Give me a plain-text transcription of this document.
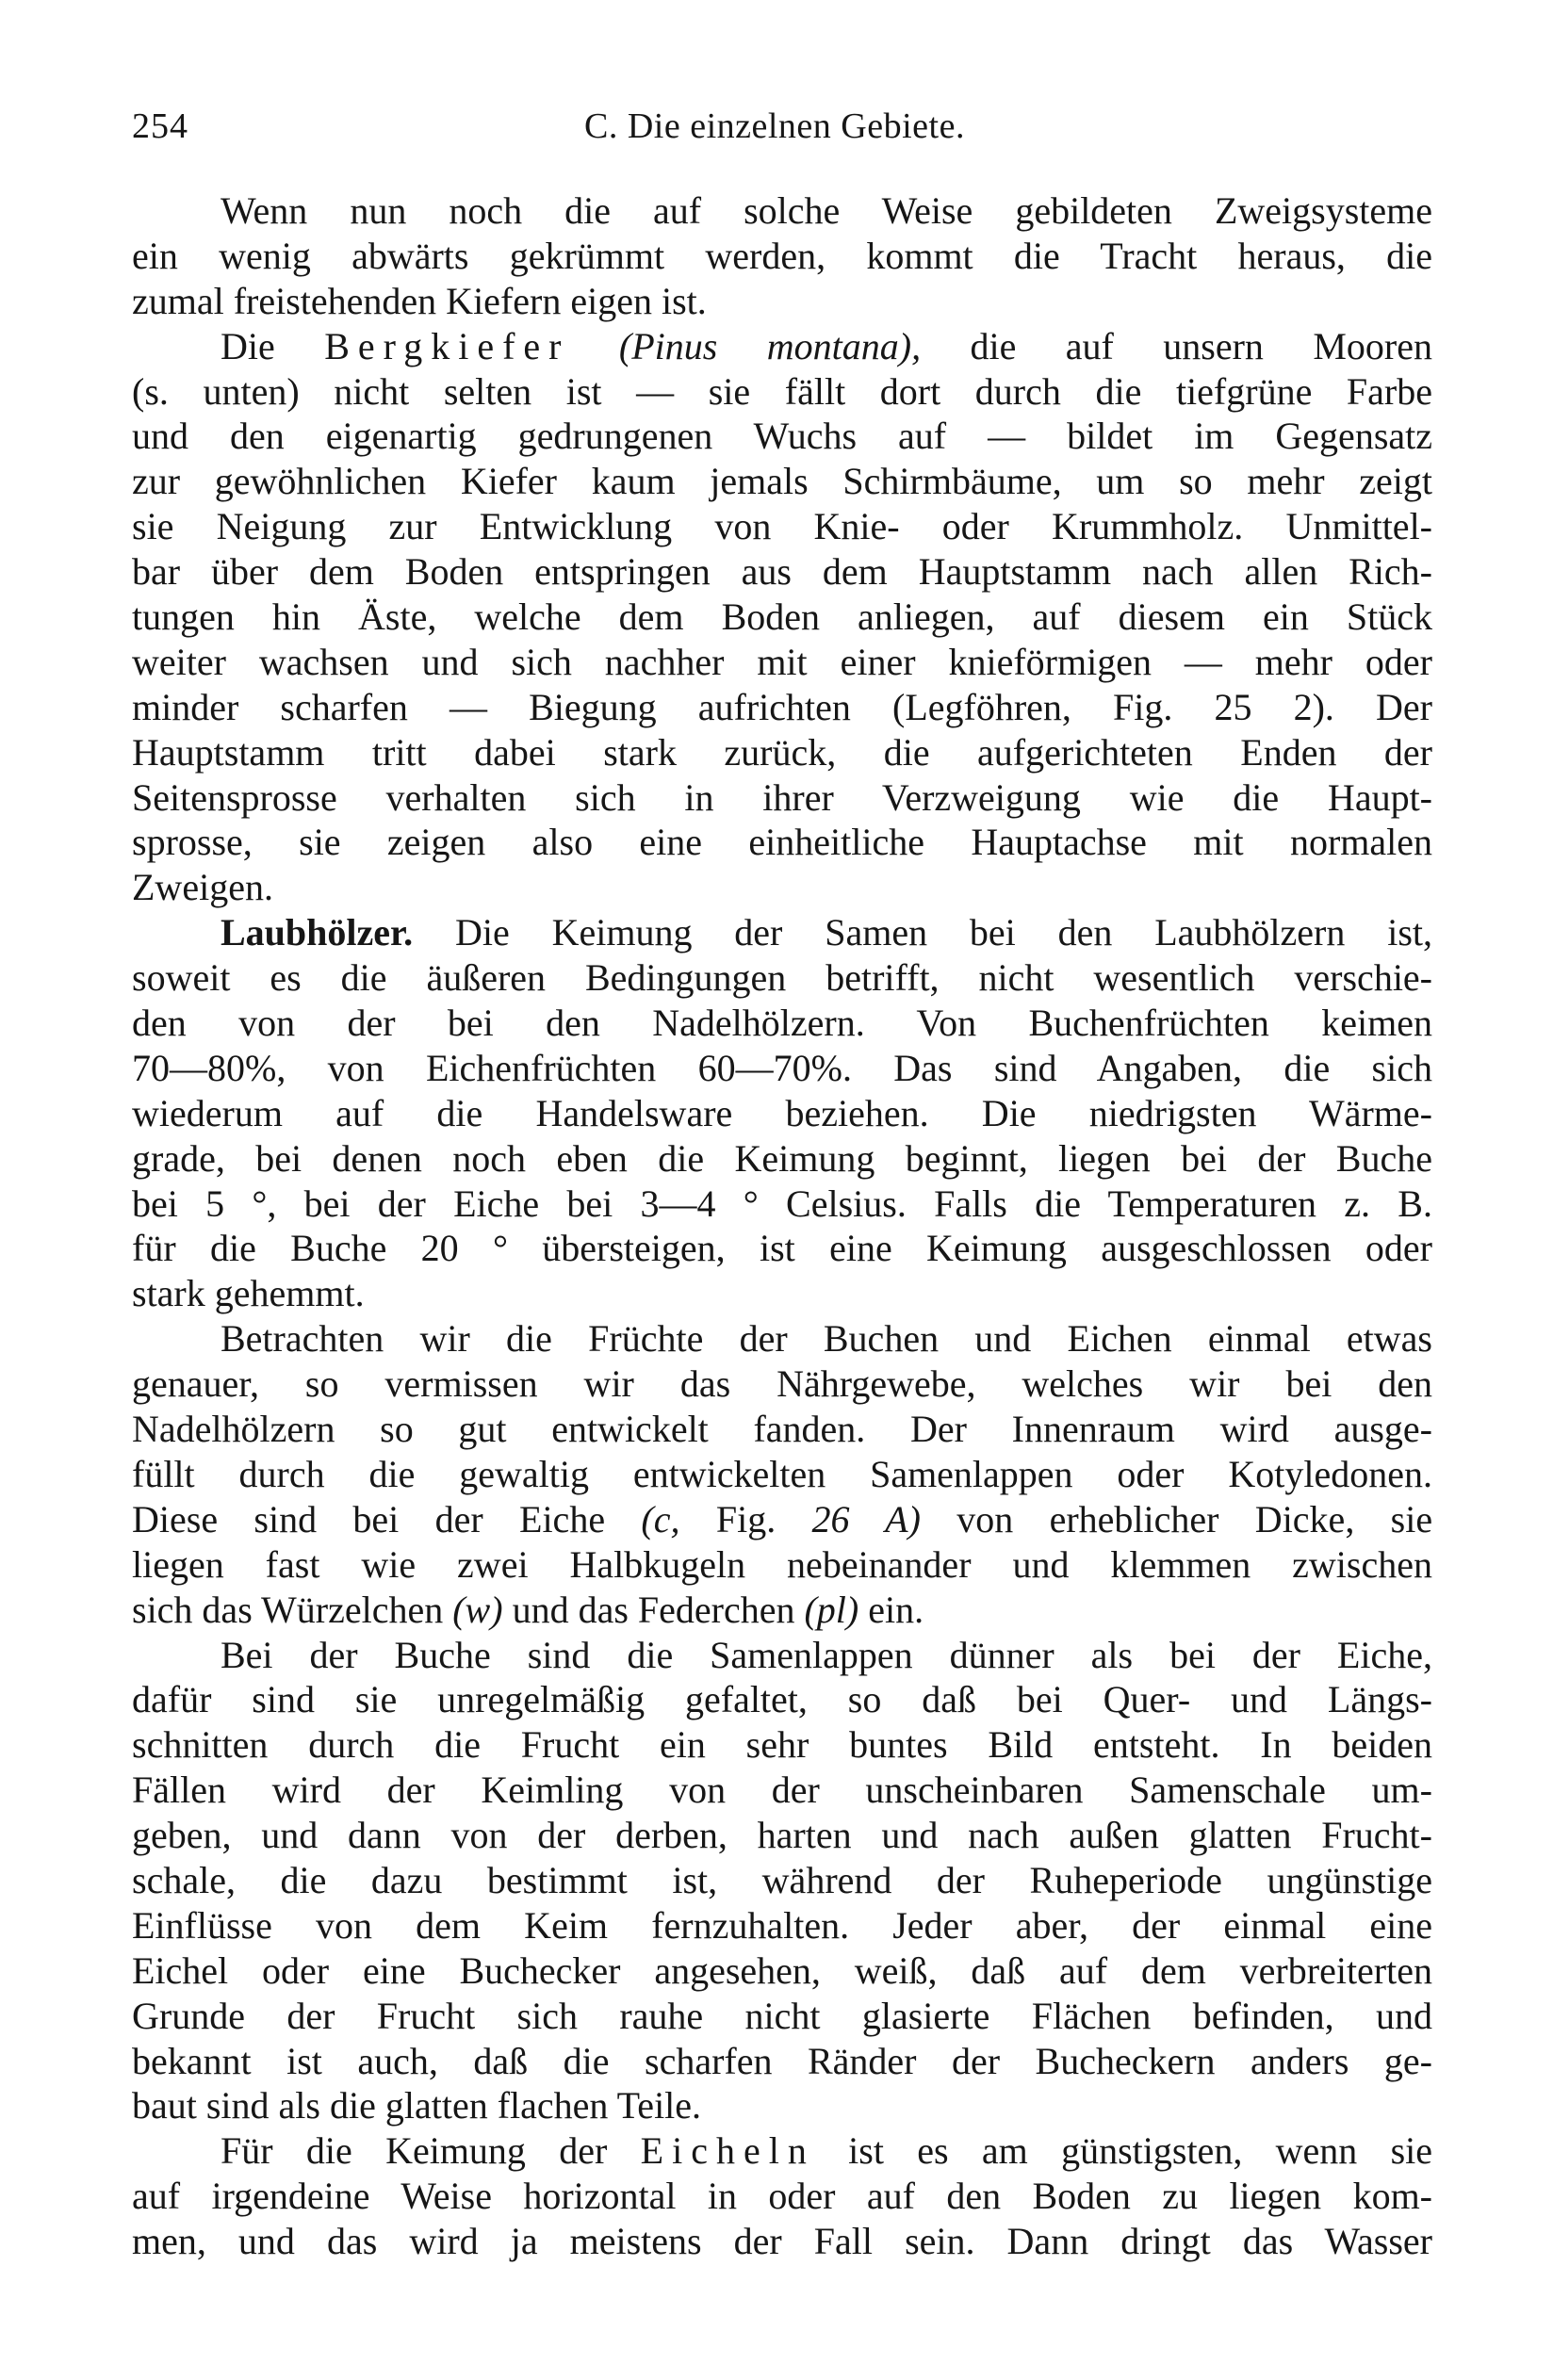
254	C. Die einzelnen Gebiete.
Wenn nun noch die auf solche Weise gebildeten Zweigsysteme
ein wenig abwärts gekrümmt werden, kommt die Tracht heraus, die
zumal freistehenden Kiefern eigen ist.
Die Bergkiefer (Pinus montana), die auf unsern Mooren
(s. unten) nicht selten ist — sie fällt dort durch die tiefgrüne Farbe
und den eigenartig gedrungenen Wuchs auf — bildet im Gegensatz
zur gewöhnlichen Kiefer kaum jemals Schirmbäume, um so mehr zeigt
sie Neigung zur Entwicklung von Knie- oder Krummholz. Unmittel-
bar über dem Boden entspringen aus dem Hauptstamm nach allen Rich-
tungen hin Äste, welche dem Boden anliegen, auf diesem ein Stück
weiter wachsen und sich nachher mit einer knieförmigen — mehr oder
minder scharfen — Biegung aufrichten (Legföhren, Fig. 25 2). Der
Hauptstamm tritt dabei stark zurück, die aufgerichteten Enden der
Seitensprosse verhalten sich in ihrer Verzweigung wie die Haupt-
sprosse, sie zeigen also eine einheitliche Hauptachse mit normalen
Zweigen.
Laubhölzer. Die Keimung der Samen bei den Laubhölzern ist,
soweit es die äußeren Bedingungen betrifft, nicht wesentlich verschie-
den von der bei den Nadelhölzern. Von Buchenfrüchten keimen
70—80%, von Eichenfrüchten 60—70%. Das sind Angaben, die sich
wiederum auf die Handelsware beziehen. Die niedrigsten Wärme-
grade, bei denen noch eben die Keimung beginnt, liegen bei der Buche
bei 5 °, bei der Eiche bei 3—4 ° Celsius. Falls die Temperaturen z. B.
für die Buche 20 ° übersteigen, ist eine Keimung ausgeschlossen oder
stark gehemmt.
Betrachten wir die Früchte der Buchen und Eichen einmal etwas
genauer, so vermissen wir das Nährgewebe, welches wir bei den
Nadelhölzern so gut entwickelt fanden. Der Innenraum wird ausge-
füllt durch die gewaltig entwickelten Samenlappen oder Kotyledonen.
Diese sind bei der Eiche (c, Fig. 26 A) von erheblicher Dicke, sie
liegen fast wie zwei Halbkugeln nebeinander und klemmen zwischen
sich das Würzelchen (w) und das Federchen (pl) ein.
Bei der Buche sind die Samenlappen dünner als bei der Eiche,
dafür sind sie unregelmäßig gefaltet, so daß bei Quer- und Längs-
schnitten durch die Frucht ein sehr buntes Bild entsteht. In beiden
Fällen wird der Keimling von der unscheinbaren Samenschale um-
geben, und dann von der derben, harten und nach außen glatten Frucht-
schale, die dazu bestimmt ist, während der Ruheperiode ungünstige
Einflüsse von dem Keim fernzuhalten. Jeder aber, der einmal eine
Eichel oder eine Buchecker angesehen, weiß, daß auf dem verbreiterten
Grunde der Frucht sich rauhe nicht glasierte Flächen befinden, und
bekannt ist auch, daß die scharfen Ränder der Bucheckern anders ge-
baut sind als die glatten flachen Teile.
Für die Keimung der Eicheln ist es am günstigsten, wenn sie
auf irgendeine Weise horizontal in oder auf den Boden zu liegen kom-
men, und das wird ja meistens der Fall sein. Dann dringt das Wasser
